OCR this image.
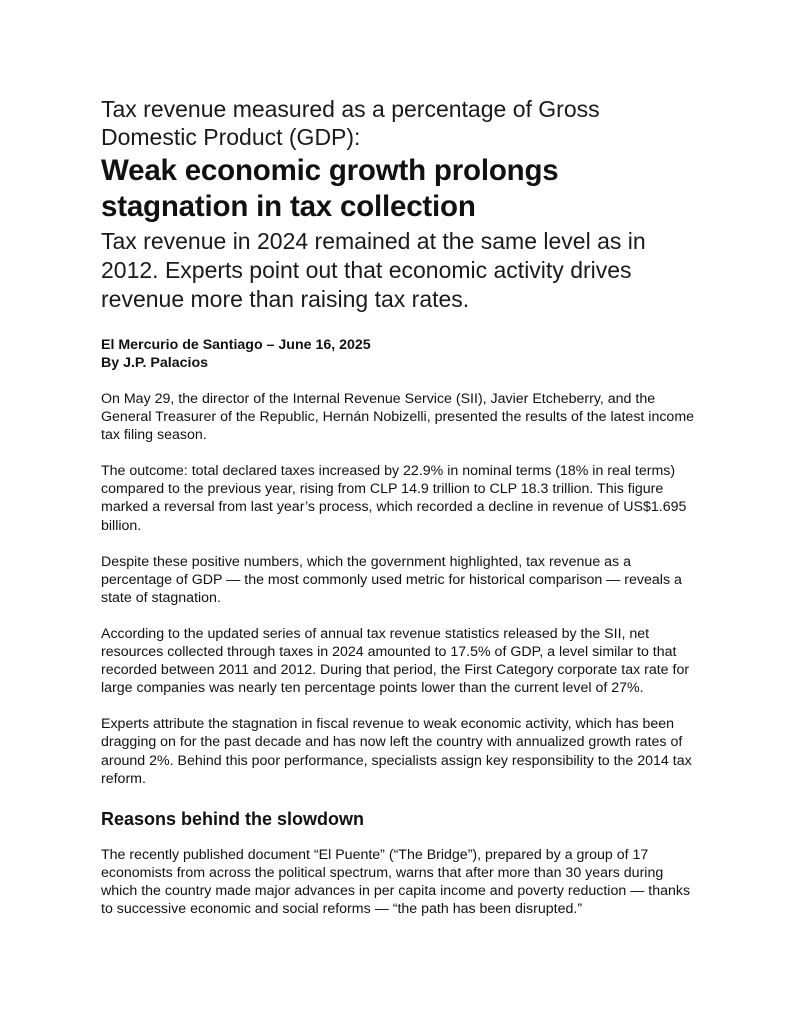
Tax revenue measured as a percentage of Gross Domestic Product (GDP):
Weak economic growth prolongs stagnation in tax collection

Tax revenue in 2024 remained at the same level as in 2012. Experts point out that economic activity drives revenue more than raising tax rates.

El Mercurio de Santiago – June 16, 2025
By J.P. Palacios

On May 29, the director of the Internal Revenue Service (SII), Javier Etcheberry, and the General Treasurer of the Republic, Hernán Nobizelli, presented the results of the latest income tax filing season.

The outcome: total declared taxes increased by 22.9% in nominal terms (18% in real terms) compared to the previous year, rising from CLP 14.9 trillion to CLP 18.3 trillion. This figure marked a reversal from last year’s process, which recorded a decline in revenue of US$1.695 billion.

Despite these positive numbers, which the government highlighted, tax revenue as a percentage of GDP — the most commonly used metric for historical comparison — reveals a state of stagnation.

According to the updated series of annual tax revenue statistics released by the SII, net resources collected through taxes in 2024 amounted to 17.5% of GDP, a level similar to that recorded between 2011 and 2012. During that period, the First Category corporate tax rate for large companies was nearly ten percentage points lower than the current level of 27%.

Experts attribute the stagnation in fiscal revenue to weak economic activity, which has been dragging on for the past decade and has now left the country with annualized growth rates of around 2%. Behind this poor performance, specialists assign key responsibility to the 2014 tax reform.

Reasons behind the slowdown

The recently published document “El Puente” (“The Bridge”), prepared by a group of 17 economists from across the political spectrum, warns that after more than 30 years during which the country made major advances in per capita income and poverty reduction — thanks to successive economic and social reforms — “the path has been disrupted.”
